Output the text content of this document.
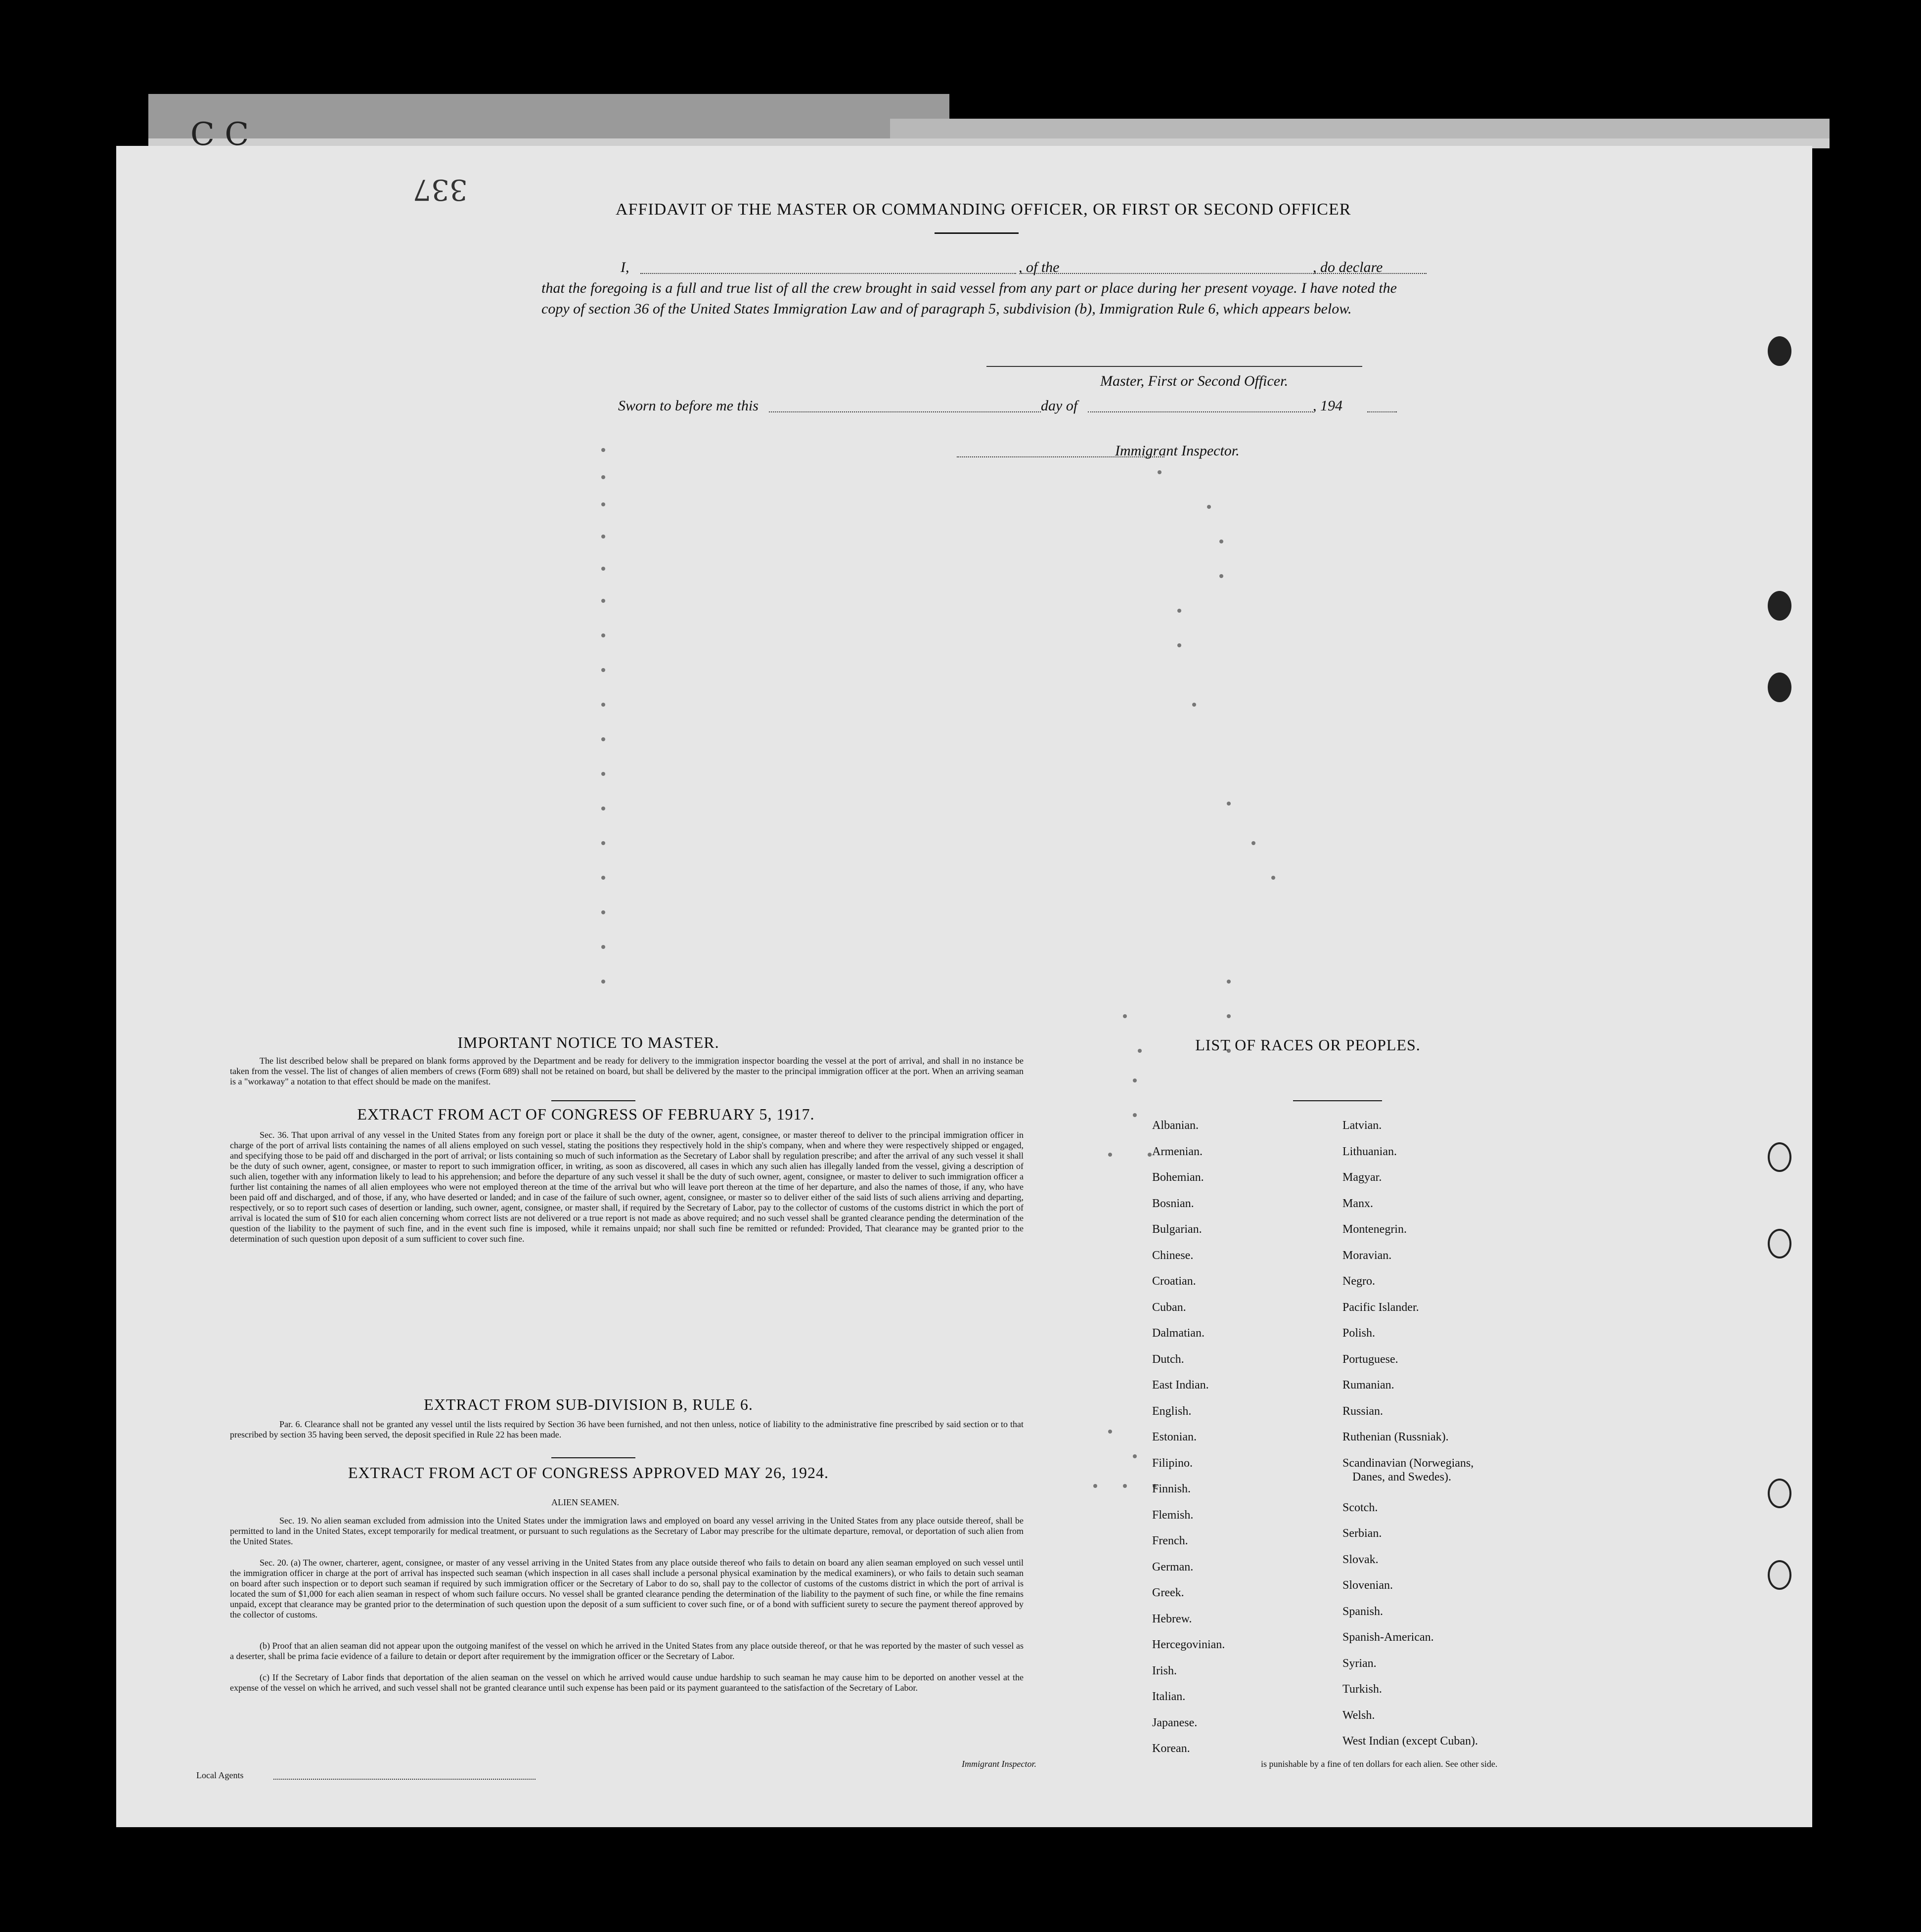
C C
337
AFFIDAVIT OF THE MASTER OR COMMANDING OFFICER, OR FIRST OR SECOND OFFICER
I,	, of the	, do declare
that the foregoing is a full and true list of all the crew brought in said vessel from any part or place during her present voyage. I have noted the copy of section 36 of the United States Immigration Law and of paragraph 5, subdivision (b), Immigration Rule 6, which appears below.
Master, First or Second Officer.
Sworn to before me this	day of	, 194
Immigrant Inspector.
IMPORTANT NOTICE TO MASTER.
The list described below shall be prepared on blank forms approved by the Department and be ready for delivery to the immigration inspector boarding the vessel at the port of arrival, and shall in no instance be taken from the vessel. The list of changes of alien members of crews (Form 689) shall not be retained on board, but shall be delivered by the master to the principal immigration officer at the port. When an arriving seaman is a "workaway" a notation to that effect should be made on the manifest.
EXTRACT FROM ACT OF CONGRESS OF FEBRUARY 5, 1917.
Sec. 36. That upon arrival of any vessel in the United States from any foreign port or place it shall be the duty of the owner, agent, consignee, or master thereof to deliver to the principal immigration officer in charge of the port of arrival lists containing the names of all aliens employed on such vessel, stating the positions they respectively hold in the ship's company, when and where they were respectively shipped or engaged, and specifying those to be paid off and discharged in the port of arrival; or lists containing so much of such information as the Secretary of Labor shall by regulation prescribe; and after the arrival of any such vessel it shall be the duty of such owner, agent, consignee, or master to report to such immigration officer, in writing, as soon as discovered, all cases in which any such alien has illegally landed from the vessel, giving a description of such alien, together with any information likely to lead to his apprehension; and before the departure of any such vessel it shall be the duty of such owner, agent, consignee, or master to deliver to such immigration officer a further list containing the names of all alien employees who were not employed thereon at the time of the arrival but who will leave port thereon at the time of her departure, and also the names of those, if any, who have been paid off and discharged, and of those, if any, who have deserted or landed; and in case of the failure of such owner, agent, consignee, or master so to deliver either of the said lists of such aliens arriving and departing, respectively, or so to report such cases of desertion or landing, such owner, agent, consignee, or master shall, if required by the Secretary of Labor, pay to the collector of customs of the customs district in which the port of arrival is located the sum of $10 for each alien concerning whom correct lists are not delivered or a true report is not made as above required; and no such vessel shall be granted clearance pending the determination of the question of the liability to the payment of such fine, and in the event such fine is imposed, while it remains unpaid; nor shall such fine be remitted or refunded: Provided, That clearance may be granted prior to the determination of such question upon deposit of a sum sufficient to cover such fine.
EXTRACT FROM SUB-DIVISION B, RULE 6.
Par. 6. Clearance shall not be granted any vessel until the lists required by Section 36 have been furnished, and not then unless, notice of liability to the administrative fine prescribed by said section or to that prescribed by section 35 having been served, the deposit specified in Rule 22 has been made.
EXTRACT FROM ACT OF CONGRESS APPROVED MAY 26, 1924.
ALIEN SEAMEN.
Sec. 19. No alien seaman excluded from admission into the United States under the immigration laws and employed on board any vessel arriving in the United States from any place outside thereof, shall be permitted to land in the United States, except temporarily for medical treatment, or pursuant to such regulations as the Secretary of Labor may prescribe for the ultimate departure, removal, or deportation of such alien from the United States.
Sec. 20. (a) The owner, charterer, agent, consignee, or master of any vessel arriving in the United States from any place outside thereof who fails to detain on board any alien seaman employed on such vessel until the immigration officer in charge at the port of arrival has inspected such seaman (which inspection in all cases shall include a personal physical examination by the medical examiners), or who fails to detain such seaman on board after such inspection or to deport such seaman if required by such immigration officer or the Secretary of Labor to do so, shall pay to the collector of customs of the customs district in which the port of arrival is located the sum of $1,000 for each alien seaman in respect of whom such failure occurs. No vessel shall be granted clearance pending the determination of the liability to the payment of such fine, or while the fine remains unpaid, except that clearance may be granted prior to the determination of such question upon the deposit of a sum sufficient to cover such fine, or of a bond with sufficient surety to secure the payment thereof approved by the collector of customs.
(b) Proof that an alien seaman did not appear upon the outgoing manifest of the vessel on which he arrived in the United States from any place outside thereof, or that he was reported by the master of such vessel as a deserter, shall be prima facie evidence of a failure to detain or deport after requirement by the immigration officer or the Secretary of Labor.
(c) If the Secretary of Labor finds that deportation of the alien seaman on the vessel on which he arrived would cause undue hardship to such seaman he may cause him to be deported on another vessel at the expense of the vessel on which he arrived, and such vessel shall not be granted clearance until such expense has been paid or its payment guaranteed to the satisfaction of the Secretary of Labor.
LIST OF RACES OR PEOPLES.
Albanian.
Armenian.
Bohemian.
Bosnian.
Bulgarian.
Chinese.
Croatian.
Cuban.
Dalmatian.
Dutch.
East Indian.
English.
Estonian.
Filipino.
Finnish.
Flemish.
French.
German.
Greek.
Hebrew.
Hercegovinian.
Irish.
Italian.
Japanese.
Korean.
Latvian.
Lithuanian.
Magyar.
Manx.
Montenegrin.
Moravian.
Negro.
Pacific Islander.
Polish.
Portuguese.
Rumanian.
Russian.
Ruthenian (Russniak).
Scandinavian (Norwegians,
Danes, and Swedes).
Scotch.
Serbian.
Slovak.
Slovenian.
Spanish.
Spanish-American.
Syrian.
Turkish.
Welsh.
West Indian (except Cuban).
Local Agents
Immigrant Inspector.	is punishable by a fine of ten dollars for each alien. See other side.
